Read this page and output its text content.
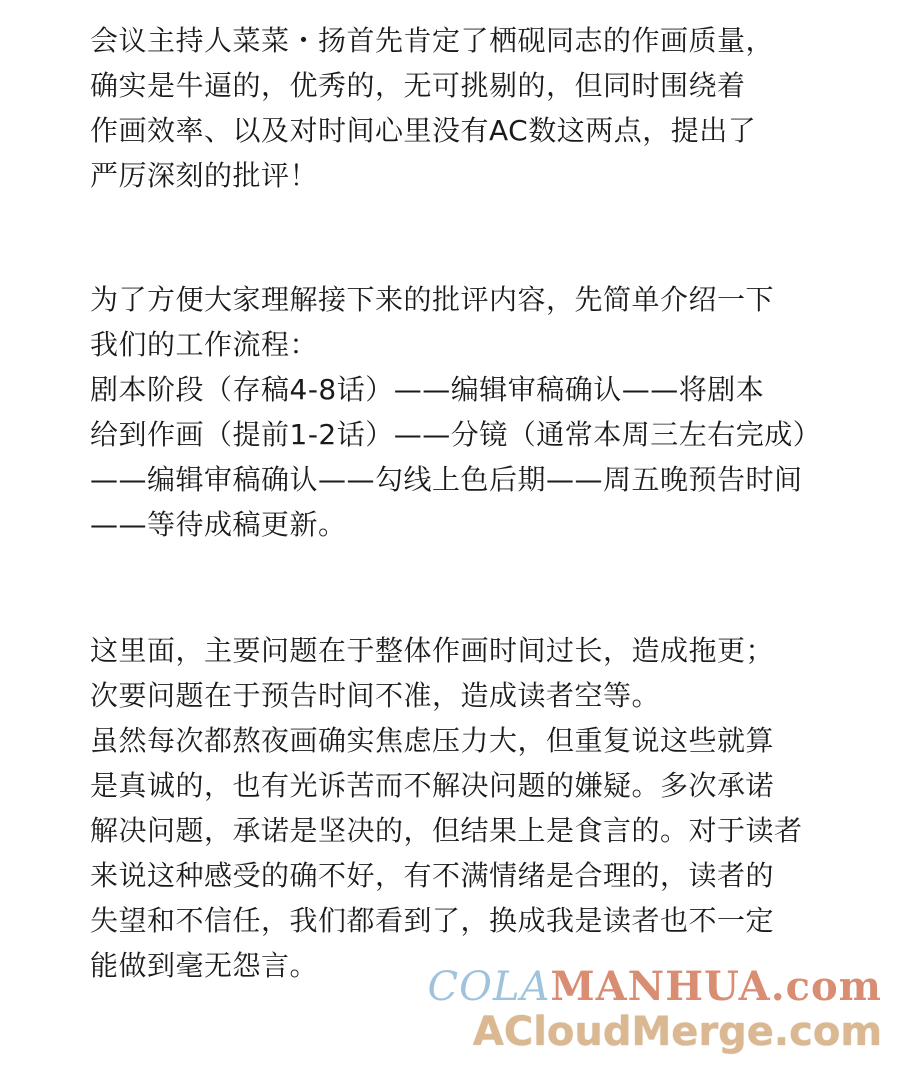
会议主持人菜菜・扬首先肯定了栖砚同志的作画质量，
确实是牛逼的，优秀的，无可挑剔的，但同时围绕着
作画效率、以及对时间心里没有AC数这两点，提出了
严厉深刻的批评！
为了方便大家理解接下来的批评内容，先简单介绍一下
我们的工作流程：
剧本阶段（存稿4-8话）——编辑审稿确认——将剧本
给到作画（提前1-2话）——分镜（通常本周三左右完成）
——编辑审稿确认——勾线上色后期——周五晚预告时间
——等待成稿更新。
这里面，主要问题在于整体作画时间过长，造成拖更；
次要问题在于预告时间不准，造成读者空等。
虽然每次都熬夜画确实焦虑压力大，但重复说这些就算
是真诚的，也有光诉苦而不解决问题的嫌疑。多次承诺
解决问题，承诺是坚决的，但结果上是食言的。对于读者
来说这种感受的确不好，有不满情绪是合理的，读者的
失望和不信任，我们都看到了，换成我是读者也不一定
能做到毫无怨言。	COLAMANHUA.com
ACloudMerge.com
